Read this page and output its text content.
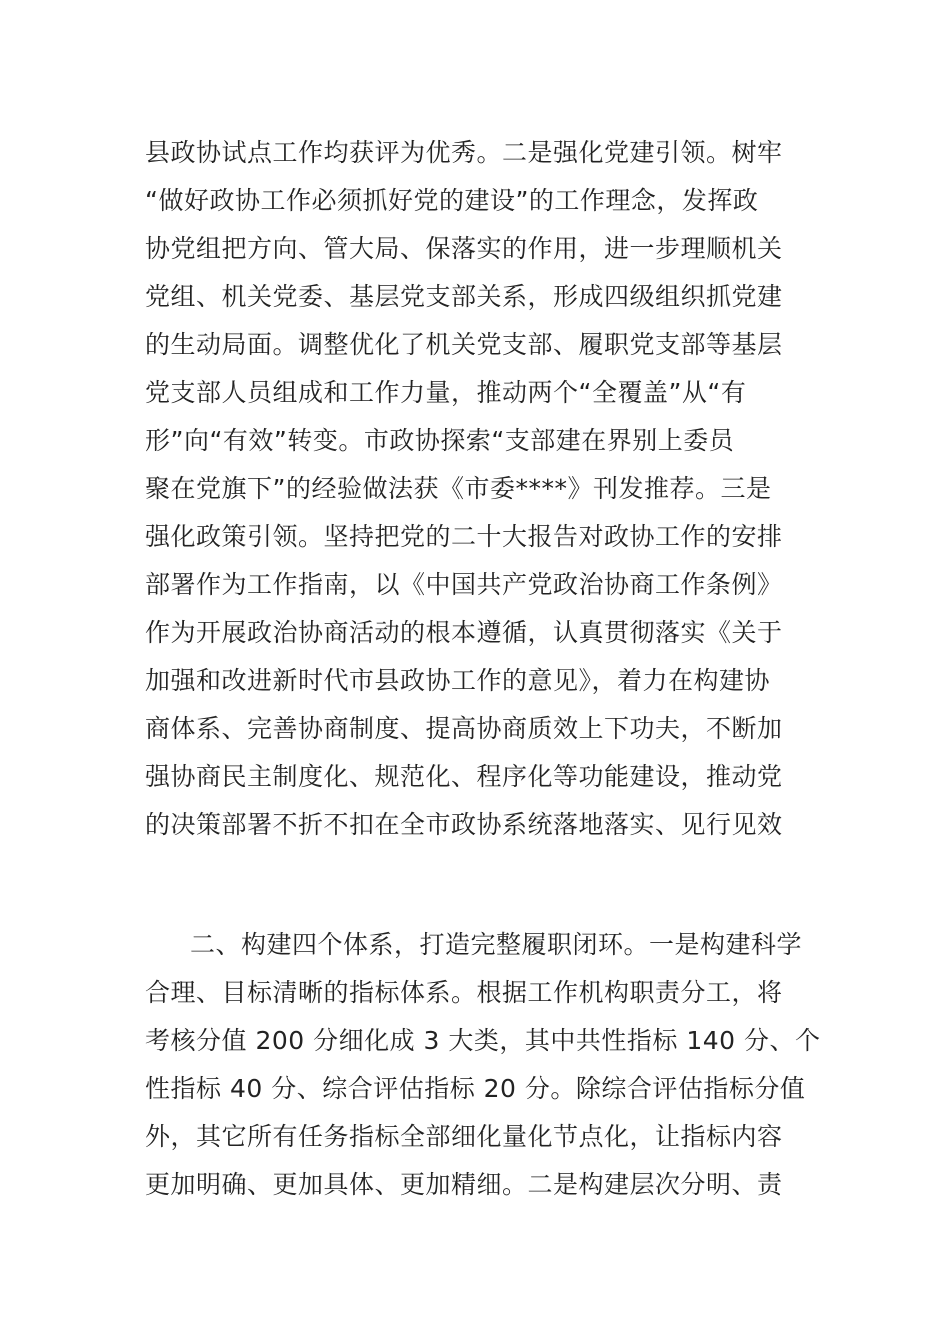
县政协试点工作均获评为优秀。二是强化党建引领。树牢
“做好政协工作必须抓好党的建设”的工作理念，发挥政
协党组把方向、管大局、保落实的作用，进一步理顺机关
党组、机关党委、基层党支部关系，形成四级组织抓党建
的生动局面。调整优化了机关党支部、履职党支部等基层
党支部人员组成和工作力量，推动两个“全覆盖”从“有
形”向“有效”转变。市政协探索“支部建在界别上委员
聚在党旗下”的经验做法获《市委****》刊发推荐。三是
强化政策引领。坚持把党的二十大报告对政协工作的安排
部署作为工作指南，以《中国共产党政治协商工作条例》
作为开展政治协商活动的根本遵循，认真贯彻落实《关于
加强和改进新时代市县政协工作的意见》，着力在构建协
商体系、完善协商制度、提高协商质效上下功夫，不断加
强协商民主制度化、规范化、程序化等功能建设，推动党
的决策部署不折不扣在全市政协系统落地落实、见行见效
二、构建四个体系，打造完整履职闭环。一是构建科学
合理、目标清晰的指标体系。根据工作机构职责分工，将
考核分值 200 分细化成 3 大类，其中共性指标 140 分、个
性指标 40 分、综合评估指标 20 分。除综合评估指标分值
外，其它所有任务指标全部细化量化节点化，让指标内容
更加明确、更加具体、更加精细。二是构建层次分明、责
